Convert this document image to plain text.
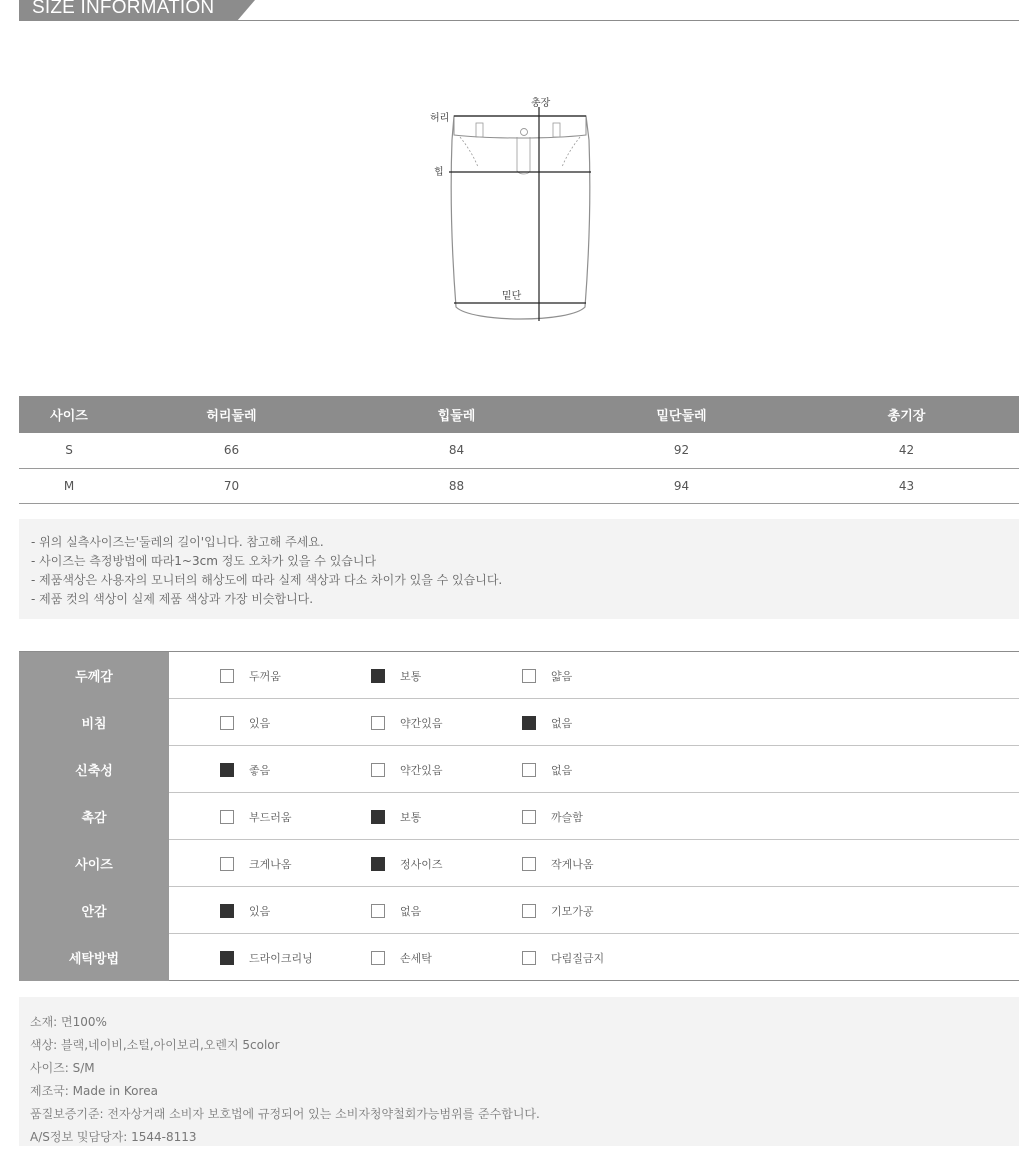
SIZE INFORMATION
총장
허리
힙
밑단
사이즈	허리둘레	힙둘레	밑단둘레	총기장
S	66	84	92	42
M	70	88	94	43

- 위의 실측사이즈는'둘레의 길이'입니다. 참고해 주세요.

- 사이즈는 측정방법에 따라1~3cm 정도 오차가 있을 수 있습니다

- 제품색상은 사용자의 모니터의 해상도에 따라 실제 색상과 다소 차이가 있을 수 있습니다.

- 제품 컷의 색상이 실제 제품 색상과 가장 비슷합니다.

두께감	두꺼움	보통	얇음
비침	있음	약간있음	없음
신축성	좋음	약간있음	없음
촉감	부드러움	보통	까슬함
사이즈	크게나옴	정사이즈	작게나옴
안감	있음	없음	기모가공
세탁방법	드라이크리닝	손세탁	다림질금지

소재: 면100%

색상: 블랙,네이비,소털,아이보리,오렌지 5color

사이즈: S/M

제조국: Made in Korea

품질보증기준: 전자상거래 소비자 보호법에 규정되어 있는 소비자청약철회가능범위를 준수합니다.

A/S정보 및담당자: 1544-8113
